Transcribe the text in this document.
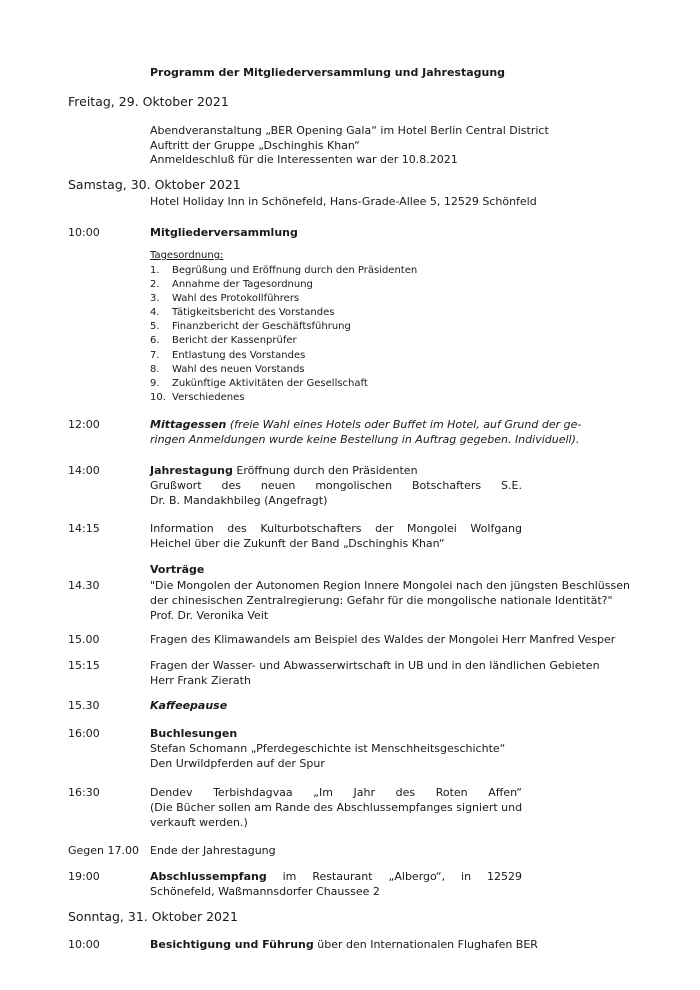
Programm der Mitgliederversammlung und Jahrestagung
Freitag, 29. Oktober 2021
Abendveranstaltung „BER Opening Gala“ im Hotel Berlin Central District
Auftritt der Gruppe „Dschinghis Khan“
Anmeldeschluß für die Interessenten war der 10.8.2021
Samstag, 30. Oktober 2021
Hotel Holiday Inn in Schönefeld, Hans-Grade-Allee 5, 12529 Schönfeld
10:00	Mitgliederversammlung
Tagesordnung:
1. Begrüßung und Eröffnung durch den Präsidenten
2. Annahme der Tagesordnung
3. Wahl des Protokollführers
4. Tätigkeitsbericht des Vorstandes
5. Finanzbericht der Geschäftsführung
6. Bericht der Kassenprüfer
7. Entlastung des Vorstandes
8. Wahl des neuen Vorstands
9. Zukünftige Aktivitäten der Gesellschaft
10. Verschiedenes
12:00	Mittagessen (freie Wahl eines Hotels oder Buffet im Hotel, auf Grund der ge-
ringen Anmeldungen wurde keine Bestellung in Auftrag gegeben. Individuell).
14:00	Jahrestagung Eröffnung durch den Präsidenten
Grußwort des neuen mongolischen Botschafters S.E.
Dr. B. Mandakhbileg (Angefragt)
14:15	Information des Kulturbotschafters der Mongolei Wolfgang
Heichel über die Zukunft der Band „Dschinghis Khan“
Vorträge
14.30	"Die Mongolen der Autonomen Region Innere Mongolei nach den jüngsten Beschlüssen
der chinesischen Zentralregierung: Gefahr für die mongolische nationale Identität?"
Prof. Dr. Veronika Veit
15.00	Fragen des Klimawandels am Beispiel des Waldes der Mongolei Herr Manfred Vesper
15:15	Fragen der Wasser- und Abwasserwirtschaft in UB und in den ländlichen Gebieten
Herr Frank Zierath
15.30	Kaffeepause
16:00	Buchlesungen
Stefan Schomann „Pferdegeschichte ist Menschheitsgeschichte“
Den Urwildpferden auf der Spur
16:30	Dendev Terbishdagvaa „Im Jahr des Roten Affen“
(Die Bücher sollen am Rande des Abschlussempfanges signiert und
verkauft werden.)
Gegen 17.00 Ende der Jahrestagung
19:00	Abschlussempfang im Restaurant „Albergo“, in 12529
Schönefeld, Waßmannsdorfer Chaussee 2
Sonntag, 31. Oktober 2021
10:00	Besichtigung und Führung über den Internationalen Flughafen BER
